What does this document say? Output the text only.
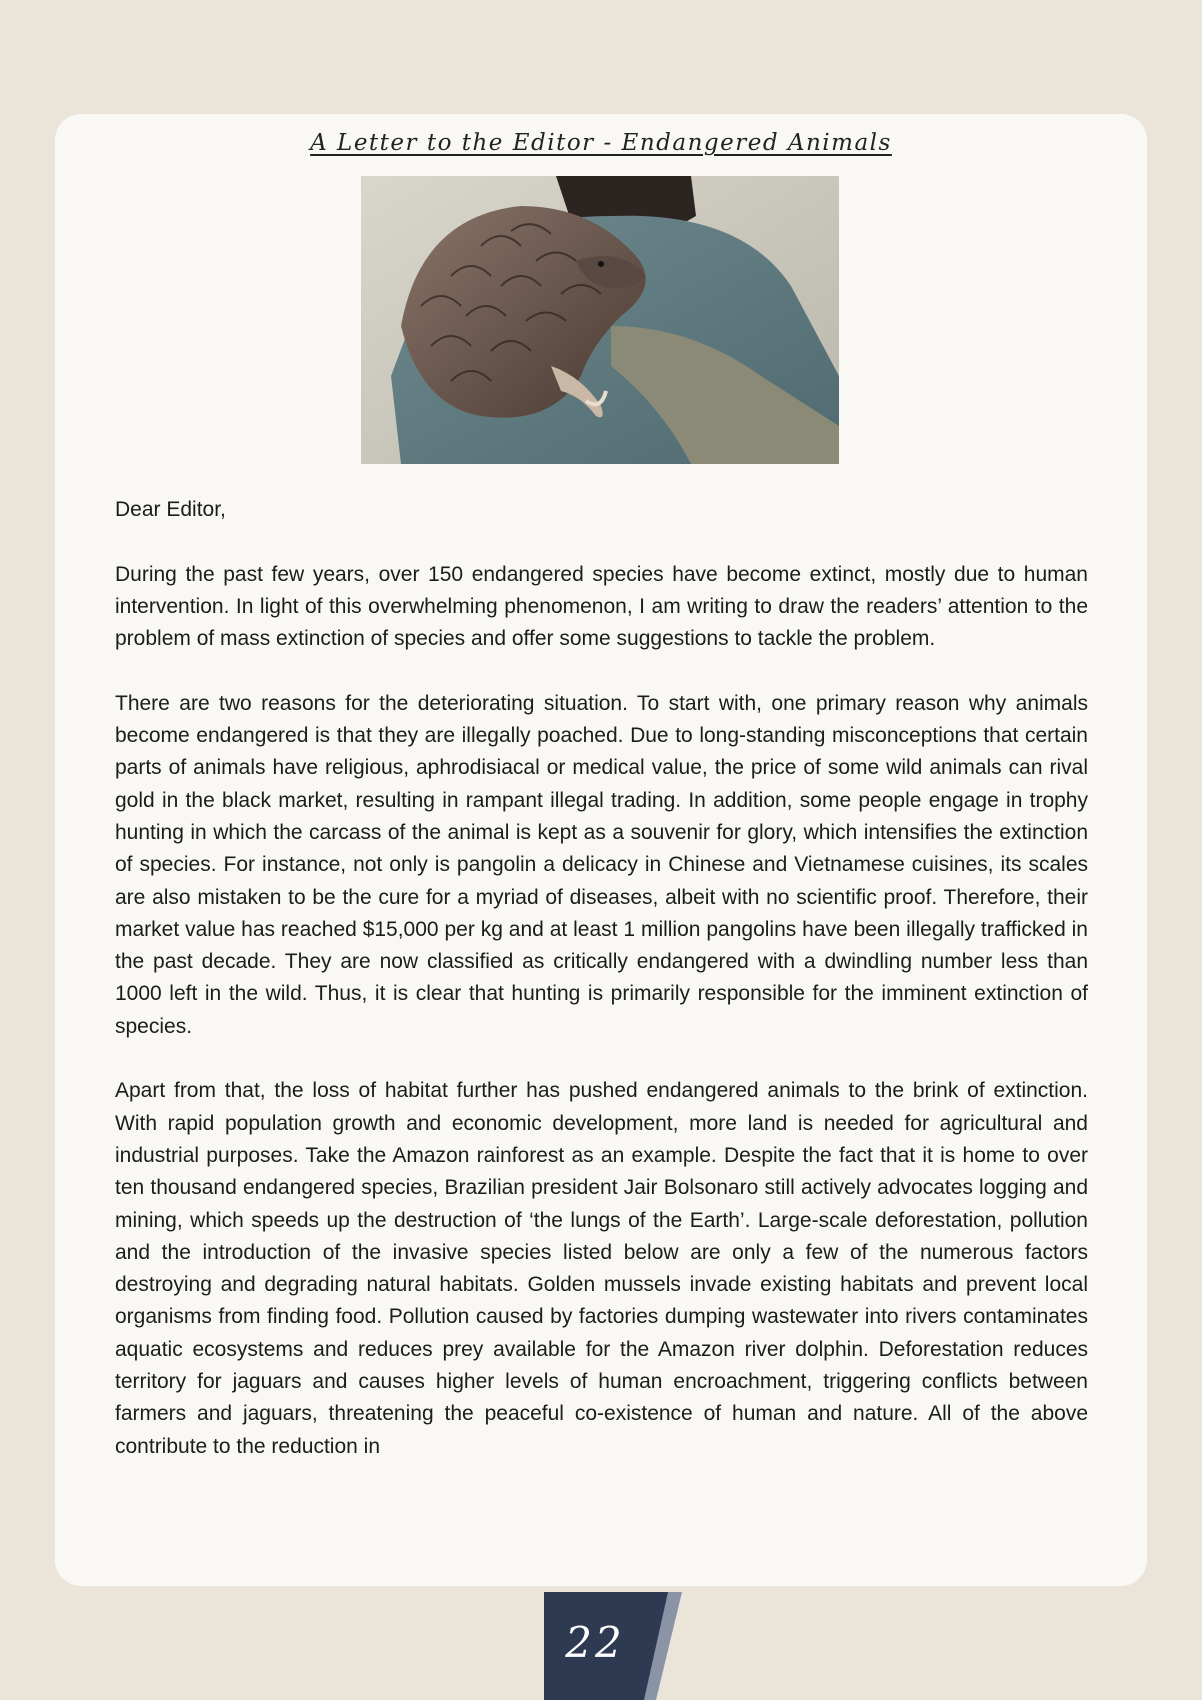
A Letter to the Editor - Endangered Animals

Dear Editor,

During the past few years, over 150 endangered species have become extinct, mostly due to human intervention. In light of this overwhelming phenomenon, I am writing to draw the readers’ attention to the problem of mass extinction of species and offer some suggestions to tackle the problem.

There are two reasons for the deteriorating situation. To start with, one primary reason why animals become endangered is that they are illegally poached. Due to long-standing misconceptions that certain parts of animals have religious, aphrodisiacal or medical value, the price of some wild animals can rival gold in the black market, resulting in rampant illegal trading. In addition, some people engage in trophy hunting in which the carcass of the animal is kept as a souvenir for glory, which intensifies the extinction of species. For instance, not only is pangolin a delicacy in Chinese and Vietnamese cuisines, its scales are also mistaken to be the cure for a myriad of diseases, albeit with no scientific proof. Therefore, their market value has reached $15,000 per kg and at least 1 million pangolins have been illegally trafficked in the past decade. They are now classified as critically endangered with a dwindling number less than 1000 left in the wild. Thus, it is clear that hunting is primarily responsible for the imminent extinction of species.

Apart from that, the loss of habitat further has pushed endangered animals to the brink of extinction. With rapid population growth and economic development, more land is needed for agricultural and industrial purposes. Take the Amazon rainforest as an example. Despite the fact that it is home to over ten thousand endangered species, Brazilian president Jair Bolsonaro still actively advocates logging and mining, which speeds up the destruction of ‘the lungs of the Earth’. Large-scale deforestation, pollution and the introduction of the invasive species listed below are only a few of the numerous factors destroying and degrading natural habitats. Golden mussels invade existing habitats and prevent local organisms from finding food. Pollution caused by factories dumping wastewater into rivers contaminates aquatic ecosystems and reduces prey available for the Amazon river dolphin. Deforestation reduces territory for jaguars and causes higher levels of human encroachment, triggering conflicts between farmers and jaguars, threatening the peaceful co-existence of human and nature. All of the above contribute to the reduction in

22
